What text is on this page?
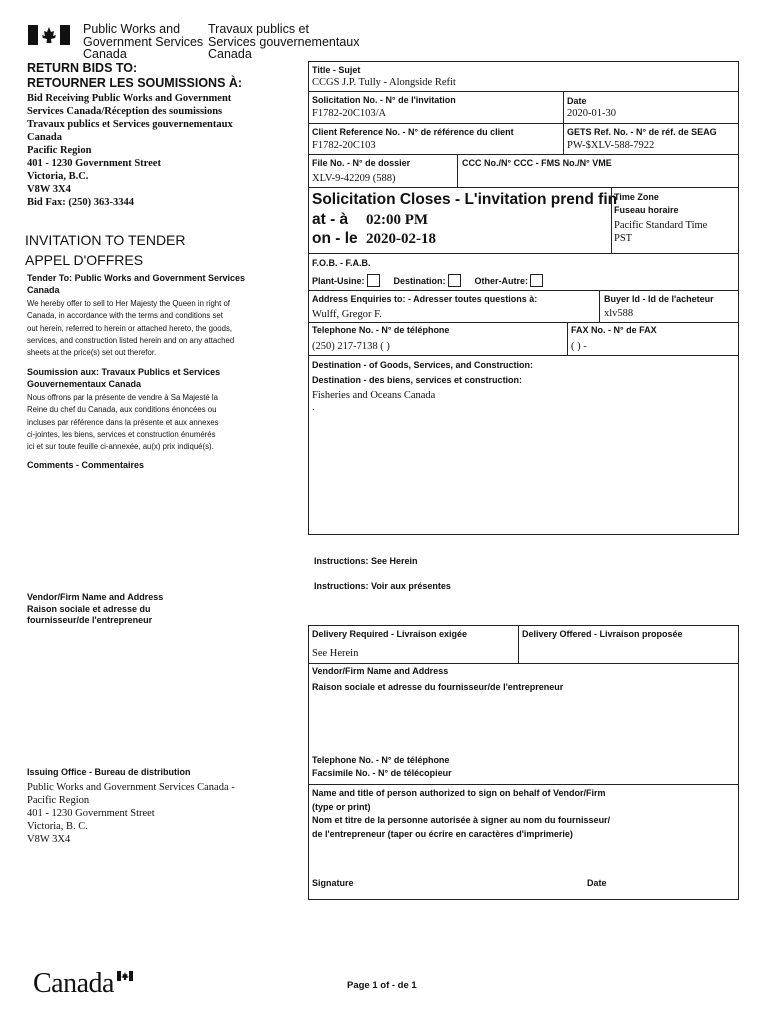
Public Works and
Government Services
Canada
Travaux publics et
Services gouvernementaux
Canada
RETURN BIDS TO:
RETOURNER LES SOUMISSIONS À:
Bid Receiving Public Works and Government
Services Canada/Réception des soumissions
Travaux publics et Services gouvernementaux
Canada
Pacific Region
401 - 1230 Government Street
Victoria, B.C.
V8W 3X4
Bid Fax: (250) 363-3344
INVITATION TO TENDER
APPEL D'OFFRES
Tender To: Public Works and Government Services Canada
We hereby offer to sell to Her Majesty the Queen in right of
Canada, in accordance with the terms and conditions set
out herein, referred to herein or attached hereto, the goods,
services, and construction listed herein and on any attached
sheets at the price(s) set out therefor.
Soumission aux: Travaux Publics et Services Gouvernementaux Canada
Nous offrons par la présente de vendre à Sa Majesté la
Reine du chef du Canada, aux conditions énoncées ou
incluses par référence dans la présente et aux annexes
ci-jointes, les biens, services et construction énumérés
ici et sur toute feuille ci-annexée, au(x) prix indiqué(s).
Comments - Commentaires
Vendor/Firm Name and Address
Raison sociale et adresse du
fournisseur/de l'entrepreneur
Issuing Office - Bureau de distribution
Public Works and Government Services Canada -
Pacific Region
401 - 1230 Government Street
Victoria, B. C.
V8W 3X4
Title - Sujet
CCGS J.P. Tully - Alongside Refit
Solicitation No. - N° de l'invitation
F1782-20C103/A
Date
2020-01-30
Client Reference No. - N° de référence du client
F1782-20C103
GETS Ref. No. - N° de réf. de SEAG
PW-$XLV-588-7922
File No. - N° de dossier
XLV-9-42209 (588)
CCC No./N° CCC - FMS No./N° VME
Solicitation Closes - L'invitation prend fin
at - à 02:00 PM
on - le 2020-02-18
Time Zone
Fuseau horaire
Pacific Standard Time
PST
F.O.B. - F.A.B.
Plant-Usine:	Destination:	Other-Autre:
Address Enquiries to: - Adresser toutes questions à:
Wulff, Gregor F.
Buyer Id - Id de l'acheteur
xlv588
Telephone No. - N° de téléphone
(250) 217-7138 ( )
FAX No. - N° de FAX
( ) -
Destination - of Goods, Services, and Construction:
Destination - des biens, services et construction:
Fisheries and Oceans Canada
.
Instructions: See Herein
Instructions: Voir aux présentes
Delivery Required - Livraison exigée
See Herein
Delivery Offered - Livraison proposée
Vendor/Firm Name and Address
Raison sociale et adresse du fournisseur/de l'entrepreneur
Telephone No. - N° de téléphone
Facsimile No. - N° de télécopieur
Name and title of person authorized to sign on behalf of Vendor/Firm
(type or print)
Nom et titre de la personne autorisée à signer au nom du fournisseur/
de l'entrepreneur (taper ou écrire en caractères d'imprimerie)
Signature	Date
Canada	Page 1 of - de 1
